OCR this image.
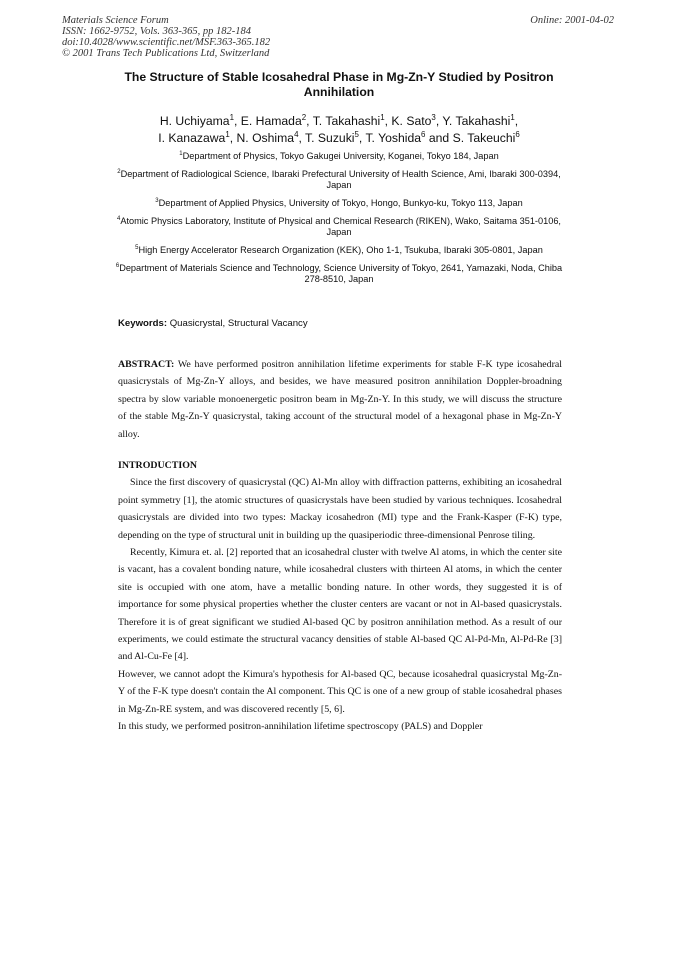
Materials Science Forum
ISSN: 1662-9752, Vols. 363-365, pp 182-184
doi:10.4028/www.scientific.net/MSF.363-365.182
© 2001 Trans Tech Publications Ltd, Switzerland
Online: 2001-04-02
The Structure of Stable Icosahedral Phase in Mg-Zn-Y Studied by Positron Annihilation
H. Uchiyama$^1$, E. Hamada$^2$, T. Takahashi$^1$, K. Sato$^3$, Y. Takahashi$^1$,
I. Kanazawa$^1$, N. Oshima$^4$, T. Suzuki$^5$, T. Yoshida$^6$ and S. Takeuchi$^6$
$^1$Department of Physics, Tokyo Gakugei University, Koganei, Tokyo 184, Japan
$^2$Department of Radiological Science, Ibaraki Prefectural University of Health Science, Ami, Ibaraki 300-0394, Japan
$^3$Department of Applied Physics, University of Tokyo, Hongo, Bunkyo-ku, Tokyo 113, Japan
$^4$Atomic Physics Laboratory, Institute of Physical and Chemical Research (RIKEN), Wako, Saitama 351-0106, Japan
$^5$High Energy Accelerator Research Organization (KEK), Oho 1-1, Tsukuba, Ibaraki 305-0801, Japan
$^6$Department of Materials Science and Technology, Science University of Tokyo, 2641, Yamazaki, Noda, Chiba 278-8510, Japan
Keywords: Quasicrystal, Structural Vacancy
ABSTRACT: We have performed positron annihilation lifetime experiments for stable F-K type icosahedral quasicrystals of Mg-Zn-Y alloys, and besides, we have measured positron annihilation Doppler-broadning spectra by slow variable monoenergetic positron beam in Mg-Zn-Y. In this study, we will discuss the structure of the stable Mg-Zn-Y quasicrystal, taking account of the structural model of a hexagonal phase in Mg-Zn-Y alloy.
INTRODUCTION
Since the first discovery of quasicrystal (QC) Al-Mn alloy with diffraction patterns, exhibiting an icosahedral point symmetry [1], the atomic structures of quasicrystals have been studied by various techniques. Icosahedral quasicrystals are divided into two types: Mackay icosahedron (MI) type and the Frank-Kasper (F-K) type, depending on the type of structural unit in building up the quasiperiodic three-dimensional Penrose tiling.
Recently, Kimura et. al. [2] reported that an icosahedral cluster with twelve Al atoms, in which the center site is vacant, has a covalent bonding nature, while icosahedral clusters with thirteen Al atoms, in which the center site is occupied with one atom, have a metallic bonding nature. In other words, they suggested it is of importance for some physical properties whether the cluster centers are vacant or not in Al-based quasicrystals. Therefore it is of great significant we studied Al-based QC by positron annihilation method. As a result of our experiments, we could estimate the structural vacancy densities of stable Al-based QC Al-Pd-Mn, Al-Pd-Re [3] and Al-Cu-Fe [4].
However, we cannot adopt the Kimura's hypothesis for Al-based QC, because icosahedral quasicrystal Mg-Zn-Y of the F-K type doesn't contain the Al component. This QC is one of a new group of stable icosahedral phases in Mg-Zn-RE system, and was discovered recently [5, 6].
In this study, we performed positron-annihilation lifetime spectroscopy (PALS) and Doppler
